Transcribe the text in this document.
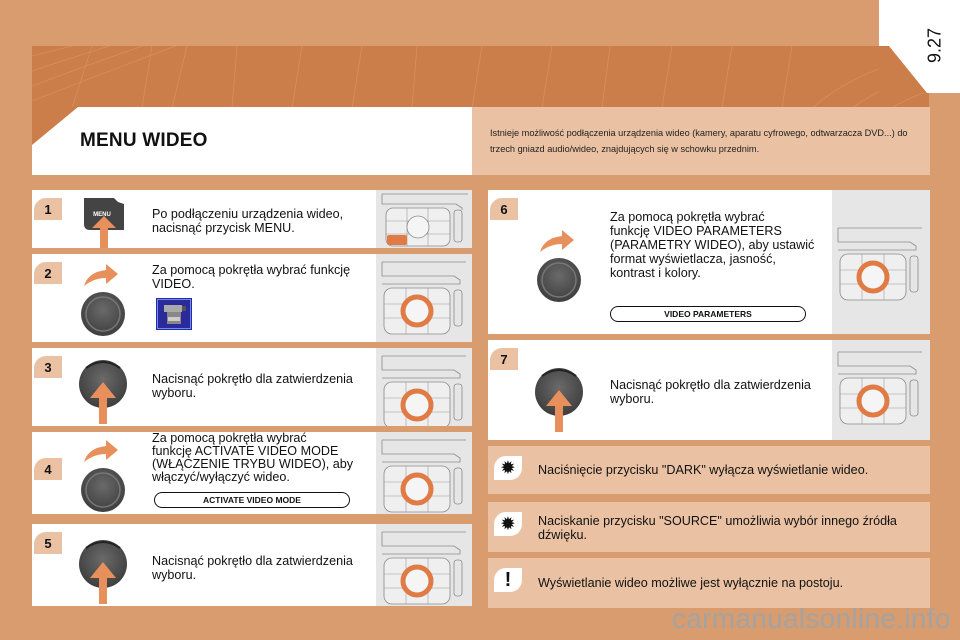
9.27
MENU WIDEO	Istnieje możliwość podłączenia urządzenia wideo (kamery, aparatu cyfrowego, odtwarzacza DVD...) do trzech gniazd audio/wideo, znajdujących się w schowku przednim.
1	MENU	Po podłączeniu urządzenia wideo,
nacisnąć przycisk MENU.
2	Za pomocą pokrętła wybrać funkcję
VIDEO.
3
Nacisnąć pokrętło dla zatwierdzenia
wyboru.
4
Za pomocą pokrętła wybrać
funkcję ACTIVATE VIDEO MODE
(WŁĄCZENIE TRYBU WIDEO), aby
włączyć/wyłączyć wideo.
ACTIVATE VIDEO MODE
5
Nacisnąć pokrętło dla zatwierdzenia
wyboru.
6
Za pomocą pokrętła wybrać
funkcję VIDEO PARAMETERS
(PARAMETRY WIDEO), aby ustawić
format wyświetlacza, jasność,
kontrast i kolory.
VIDEO PARAMETERS
7
Nacisnąć pokrętło dla zatwierdzenia
wyboru.
✹	Naciśnięcie przycisku "DARK" wyłącza wyświetlanie wideo.
✹	Naciskanie przycisku "SOURCE" umożliwia wybór innego źródła
dźwięku.
!	Wyświetlanie wideo możliwe jest wyłącznie na postoju.
carmanualsonline.info
